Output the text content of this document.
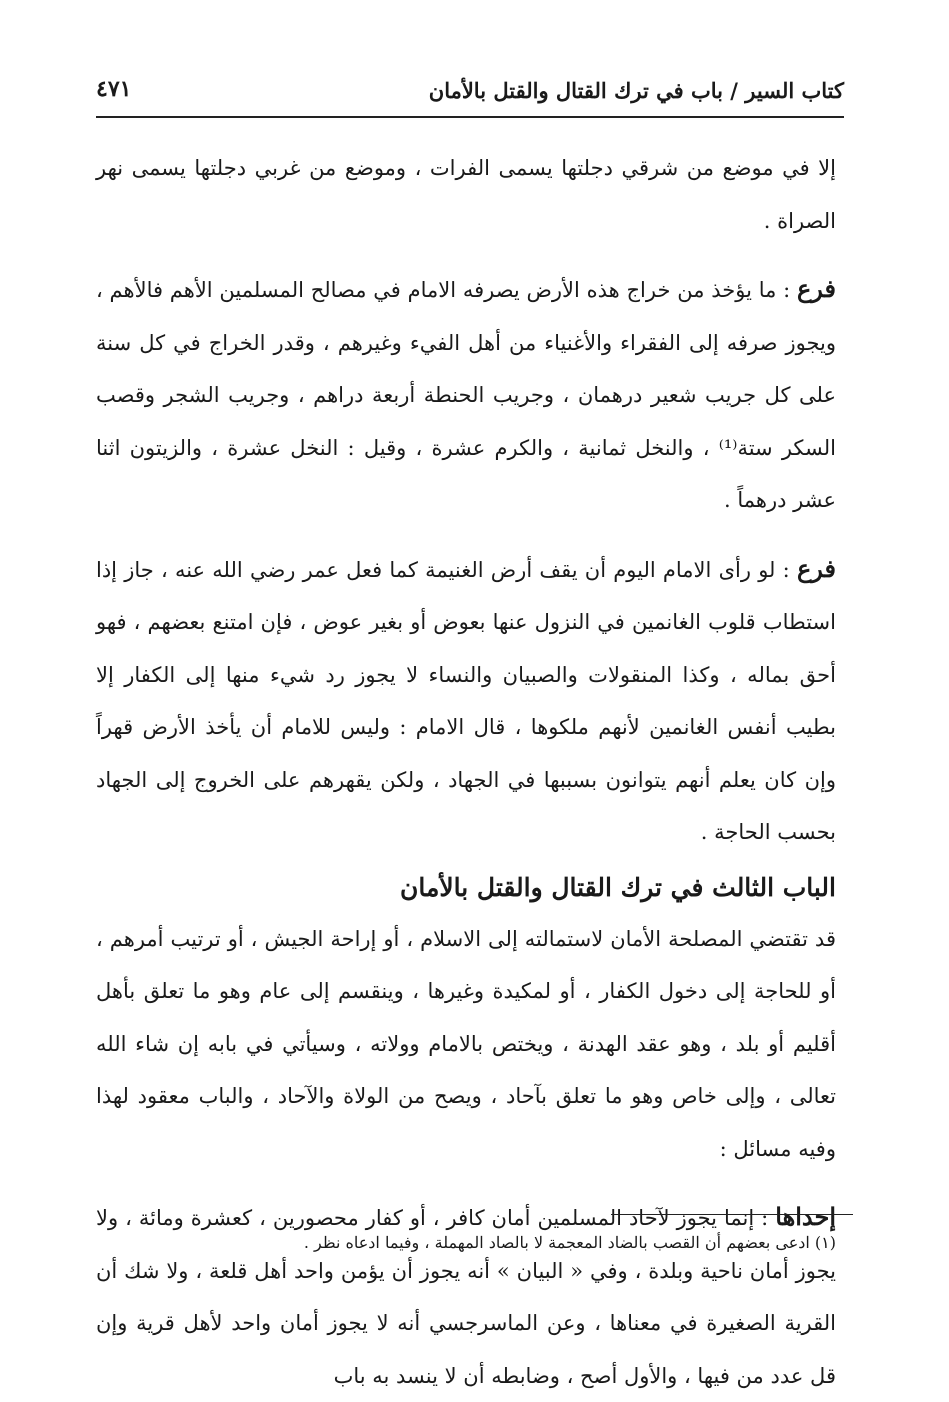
كتاب السير / باب في ترك القتال والقتل بالأمان
٤٧١

إلا في موضع من شرقي دجلتها يسمى الفرات ، وموضع من غربي دجلتها يسمى نهر الصراة .

فرع : ما يؤخذ من خراج هذه الأرض يصرفه الامام في مصالح المسلمين الأهم فالأهم ، ويجوز صرفه إلى الفقراء والأغنياء من أهل الفيء وغيرهم ، وقدر الخراج في كل سنة على كل جريب شعير درهمان ، وجريب الحنطة أربعة دراهم ، وجريب الشجر وقصب السكر ستة⁽¹⁾ ، والنخل ثمانية ، والكرم عشرة ، وقيل : النخل عشرة ، والزيتون اثنا عشر درهماً .

فرع : لو رأى الامام اليوم أن يقف أرض الغنيمة كما فعل عمر رضي الله عنه ، جاز إذا استطاب قلوب الغانمين في النزول عنها بعوض أو بغير عوض ، فإن امتنع بعضهم ، فهو أحق بماله ، وكذا المنقولات والصبيان والنساء لا يجوز رد شيء منها إلى الكفار إلا بطيب أنفس الغانمين لأنهم ملكوها ، قال الامام : وليس للامام أن يأخذ الأرض قهراً وإن كان يعلم أنهم يتوانون بسببها في الجهاد ، ولكن يقهرهم على الخروج إلى الجهاد بحسب الحاجة .

الباب الثالث في ترك القتال والقتل بالأمان

قد تقتضي المصلحة الأمان لاستمالته إلى الاسلام ، أو إراحة الجيش ، أو ترتيب أمرهم ، أو للحاجة إلى دخول الكفار ، أو لمكيدة وغيرها ، وينقسم إلى عام وهو ما تعلق بأهل أقليم أو بلد ، وهو عقد الهدنة ، ويختص بالامام وولاته ، وسيأتي في بابه إن شاء الله تعالى ، وإلى خاص وهو ما تعلق بآحاد ، ويصح من الولاة والآحاد ، والباب معقود لهذا وفيه مسائل :

إحداها : إنما يجوز لآحاد المسلمين أمان كافر ، أو كفار محصورين ، كعشرة ومائة ، ولا يجوز أمان ناحية وبلدة ، وفي « البيان » أنه يجوز أن يؤمن واحد أهل قلعة ، ولا شك أن القرية الصغيرة في معناها ، وعن الماسرجسي أنه لا يجوز أمان واحد لأهل قرية وإن قل عدد من فيها ، والأول أصح ، وضابطه أن لا ينسد به باب

(١) ادعى بعضهم أن القصب بالضاد المعجمة لا بالصاد المهملة ، وفيما ادعاه نظر .
